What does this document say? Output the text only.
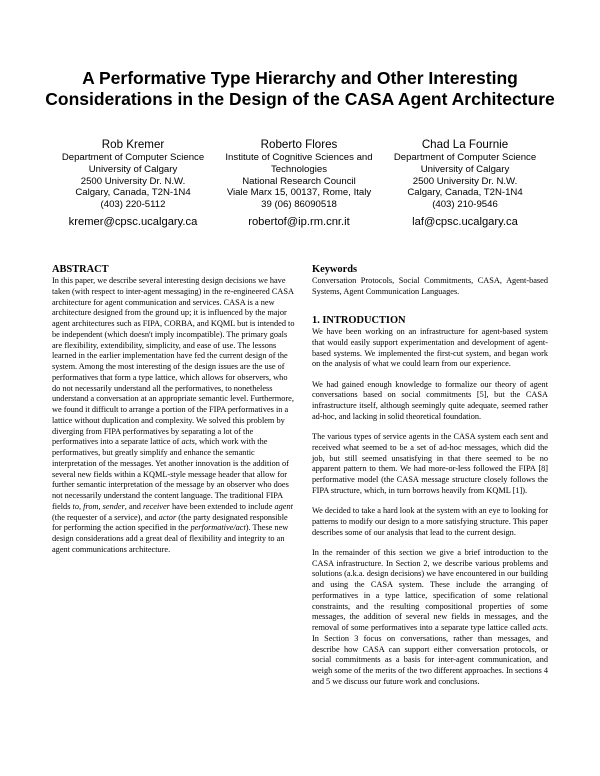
A Performative Type Hierarchy and Other Interesting Considerations in the Design of the CASA Agent Architecture
Rob Kremer
Department of Computer Science
University of Calgary
2500 University Dr. N.W.
Calgary, Canada, T2N-1N4
(403) 220-5112
kremer@cpsc.ucalgary.ca
Roberto Flores
Institute of Cognitive Sciences and Technologies
National Research Council
Viale Marx 15, 00137, Rome, Italy
39 (06) 86090518
robertof@ip.rm.cnr.it
Chad La Fournie
Department of Computer Science
University of Calgary
2500 University Dr. N.W.
Calgary, Canada, T2N-1N4
(403) 210-9546
laf@cpsc.ucalgary.ca
ABSTRACT

In this paper, we describe several interesting design decisions we have taken (with respect to inter-agent messaging) in the re-engineered CASA architecture for agent communication and services. CASA is a new architecture designed from the ground up; it is influenced by the major agent architectures such as FIPA, CORBA, and KQML but is intended to be independent (which doesn't imply incompatible). The primary goals are flexibility, extendibility, simplicity, and ease of use. The lessons learned in the earlier implementation have fed the current design of the system. Among the most interesting of the design issues are the use of performatives that form a type lattice, which allows for observers, who do not necessarily understand all the performatives, to nonetheless understand a conversation at an appropriate semantic level. Furthermore, we found it difficult to arrange a portion of the FIPA performatives in a lattice without duplication and complexity. We solved this problem by diverging from FIPA performatives by separating a lot of the performatives into a separate lattice of acts, which work with the performatives, but greatly simplify and enhance the semantic interpretation of the messages. Yet another innovation is the addition of several new fields within a KQML-style message header that allow for further semantic interpretation of the message by an observer who does not necessarily understand the content language. The traditional FIPA fields to, from, sender, and receiver have been extended to include agent (the requester of a service), and actor (the party designated responsible for performing the action specified in the performative/act). These new design considerations add a great deal of flexibility and integrity to an agent communications architecture.

Keywords

Conversation Protocols, Social Commitments, CASA, Agent-based Systems, Agent Communication Languages.

1. INTRODUCTION

We have been working on an infrastructure for agent-based system that would easily support experimentation and development of agent-based systems. We implemented the first-cut system, and began work on the analysis of what we could learn from our experience.

We had gained enough knowledge to formalize our theory of agent conversations based on social commitments [5], but the CASA infrastructure itself, although seemingly quite adequate, seemed rather ad-hoc, and lacking in solid theoretical foundation.

The various types of service agents in the CASA system each sent and received what seemed to be a set of ad-hoc messages, which did the job, but still seemed unsatisfying in that there seemed to be no apparent pattern to them. We had more-or-less followed the FIPA [8] performative model (the CASA message structure closely follows the FIPA structure, which, in turn borrows heavily from KQML [1]).

We decided to take a hard look at the system with an eye to looking for patterns to modify our design to a more satisfying structure. This paper describes some of our analysis that lead to the current design.

In the remainder of this section we give a brief introduction to the CASA infrastructure. In Section 2, we describe various problems and solutions (a.k.a. design decisions) we have encountered in our building and using the CASA system. These include the arranging of performatives in a type lattice, specification of some relational constraints, and the resulting compositional properties of some messages, the addition of several new fields in messages, and the removal of some performatives into a separate type lattice called acts. In Section 3 focus on conversations, rather than messages, and describe how CASA can support either conversation protocols, or social commitments as a basis for inter-agent communication, and weigh some of the merits of the two different approaches. In sections 4 and 5 we discuss our future work and conclusions.
